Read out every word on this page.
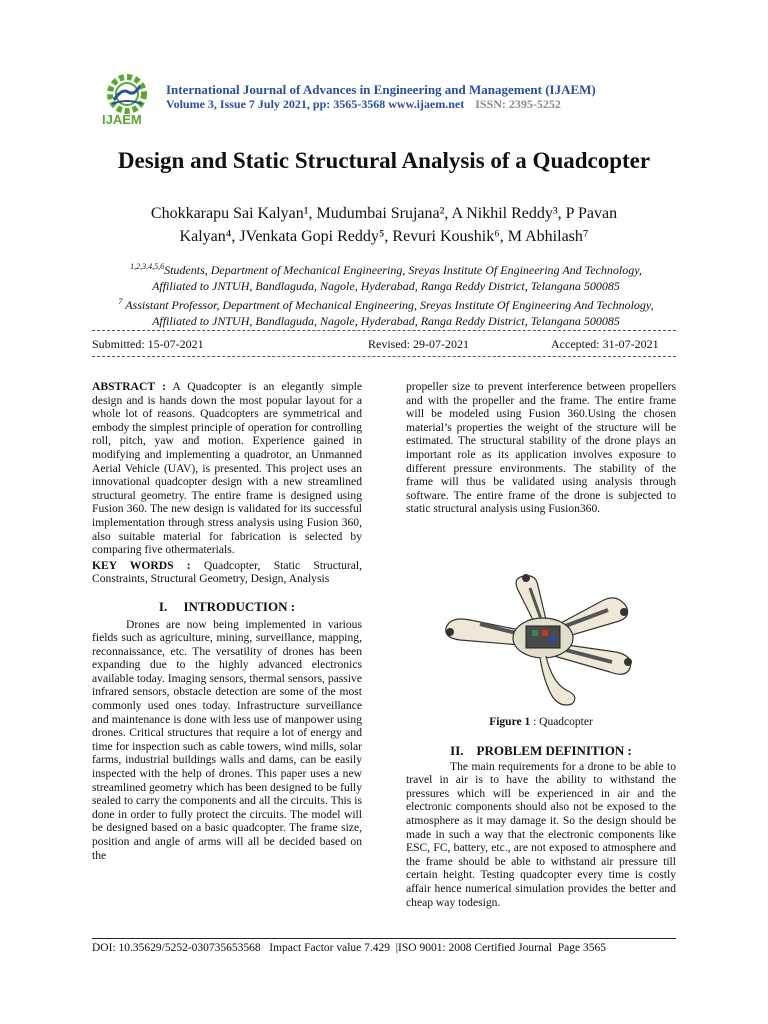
IJAEM
International Journal of Advances in Engineering and Management (IJAEM)
Volume 3, Issue 7 July 2021, pp: 3565-3568 www.ijaem.net ISSN: 2395-5252
Design and Static Structural Analysis of a Quadcopter
Chokkarapu Sai Kalyan¹, Mudumbai Srujana², A Nikhil Reddy³, P Pavan
Kalyan⁴, JVenkata Gopi Reddy⁵, Revuri Koushik⁶, M Abhilash⁷
$^{1,2,3,4,5,6}$Students, Department of Mechanical Engineering, Sreyas Institute Of Engineering And Technology,
Affiliated to JNTUH, Bandlaguda, Nagole, Hyderabad, Ranga Reddy District, Telangana 500085
$^7$ Assistant Professor, Department of Mechanical Engineering, Sreyas Institute Of Engineering And Technology,
Affiliated to JNTUH, Bandlaguda, Nagole, Hyderabad, Ranga Reddy District, Telangana 500085
Submitted: 15-07-2021	Revised: 29-07-2021	Accepted: 31-07-2021

ABSTRACT : A Quadcopter is an elegantly simple design and is hands down the most popular layout for a whole lot of reasons. Quadcopters are symmetrical and embody the simplest principle of operation for controlling roll, pitch, yaw and motion. Experience gained in modifying and implementing a quadrotor, an Unmanned Aerial Vehicle (UAV), is presented. This project uses an innovational quadcopter design with a new streamlined structural geometry. The entire frame is designed using Fusion 360. The new design is validated for its successful implementation through stress analysis using Fusion 360, also suitable material for fabrication is selected by comparing five othermaterials.

KEY WORDS : Quadcopter, Static Structural, Constraints, Structural Geometry, Design, Analysis

I.     INTRODUCTION :

Drones are now being implemented in various fields such as agriculture, mining, surveillance, mapping, reconnaissance, etc. The versatility of drones has been expanding due to the highly advanced electronics available today. Imaging sensors, thermal sensors, passive infrared sensors, obstacle detection are some of the most commonly used ones today. Infrastructure surveillance and maintenance is done with less use of manpower using drones. Critical structures that require a lot of energy and time for inspection such as cable towers, wind mills, solar farms, industrial buildings walls and dams, can be easily inspected with the help of drones. This paper uses a new streamlined geometry which has been designed to be fully sealed to carry the components and all the circuits. This is done in order to fully protect the circuits. The model will be designed based on a basic quadcopter. The frame size, position and angle of arms will all be decided based on the

propeller size to prevent interference between propellers and with the propeller and the frame. The entire frame will be modeled using Fusion 360.Using the chosen material’s properties the weight of the structure will be estimated. The structural stability of the drone plays an important role as its application involves exposure to different pressure environments. The stability of the frame will thus be validated using analysis through software. The entire frame of the drone is subjected to static structural analysis using Fusion360.

Figure 1 : Quadcopter
II.    PROBLEM DEFINITION :

The main requirements for a drone to be able to travel in air is to have the ability to withstand the pressures which will be experienced in air and the electronic components should also not be exposed to the atmosphere as it may damage it. So the design should be made in such a way that the electronic components like ESC, FC, battery, etc., are not exposed to atmosphere and the frame should be able to withstand air pressure till certain height. Testing quadcopter every time is costly affair hence numerical simulation provides the better and cheap way todesign.

DOI: 10.35629/5252-030735653568   Impact Factor value 7.429  |ISO 9001: 2008 Certified Journal  Page 3565
